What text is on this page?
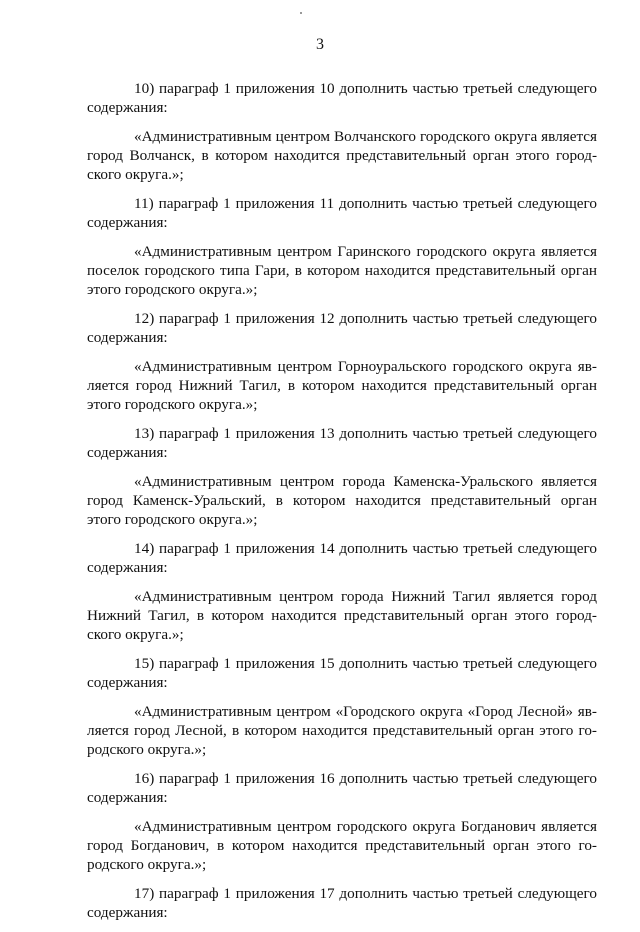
3

10) параграф 1 приложения 10 дополнить частью третьей следующего
содержания:

«Административным центром Волчанского городского округа является
город Волчанск, в котором находится представительный орган этого город-
ского округа.»;

11) параграф 1 приложения 11 дополнить частью третьей следующего
содержания:

«Административным центром Гаринского городского округа является
поселок городского типа Гари, в котором находится представительный орган
этого городского округа.»;

12) параграф 1 приложения 12 дополнить частью третьей следующего
содержания:

«Административным центром Горноуральского городского округа яв-
ляется город Нижний Тагил, в котором находится представительный орган
этого городского округа.»;

13) параграф 1 приложения 13 дополнить частью третьей следующего
содержания:

«Административным центром города Каменска-Уральского является
город Каменск-Уральский, в котором находится представительный орган
этого городского округа.»;

14) параграф 1 приложения 14 дополнить частью третьей следующего
содержания:

«Административным центром города Нижний Тагил является город
Нижний Тагил, в котором находится представительный орган этого город-
ского округа.»;

15) параграф 1 приложения 15 дополнить частью третьей следующего
содержания:

«Административным центром «Городского округа «Город Лесной» яв-
ляется город Лесной, в котором находится представительный орган этого го-
родского округа.»;

16) параграф 1 приложения 16 дополнить частью третьей следующего
содержания:

«Административным центром городского округа Богданович является
город Богданович, в котором находится представительный орган этого го-
родского округа.»;

17) параграф 1 приложения 17 дополнить частью третьей следующего
содержания:
